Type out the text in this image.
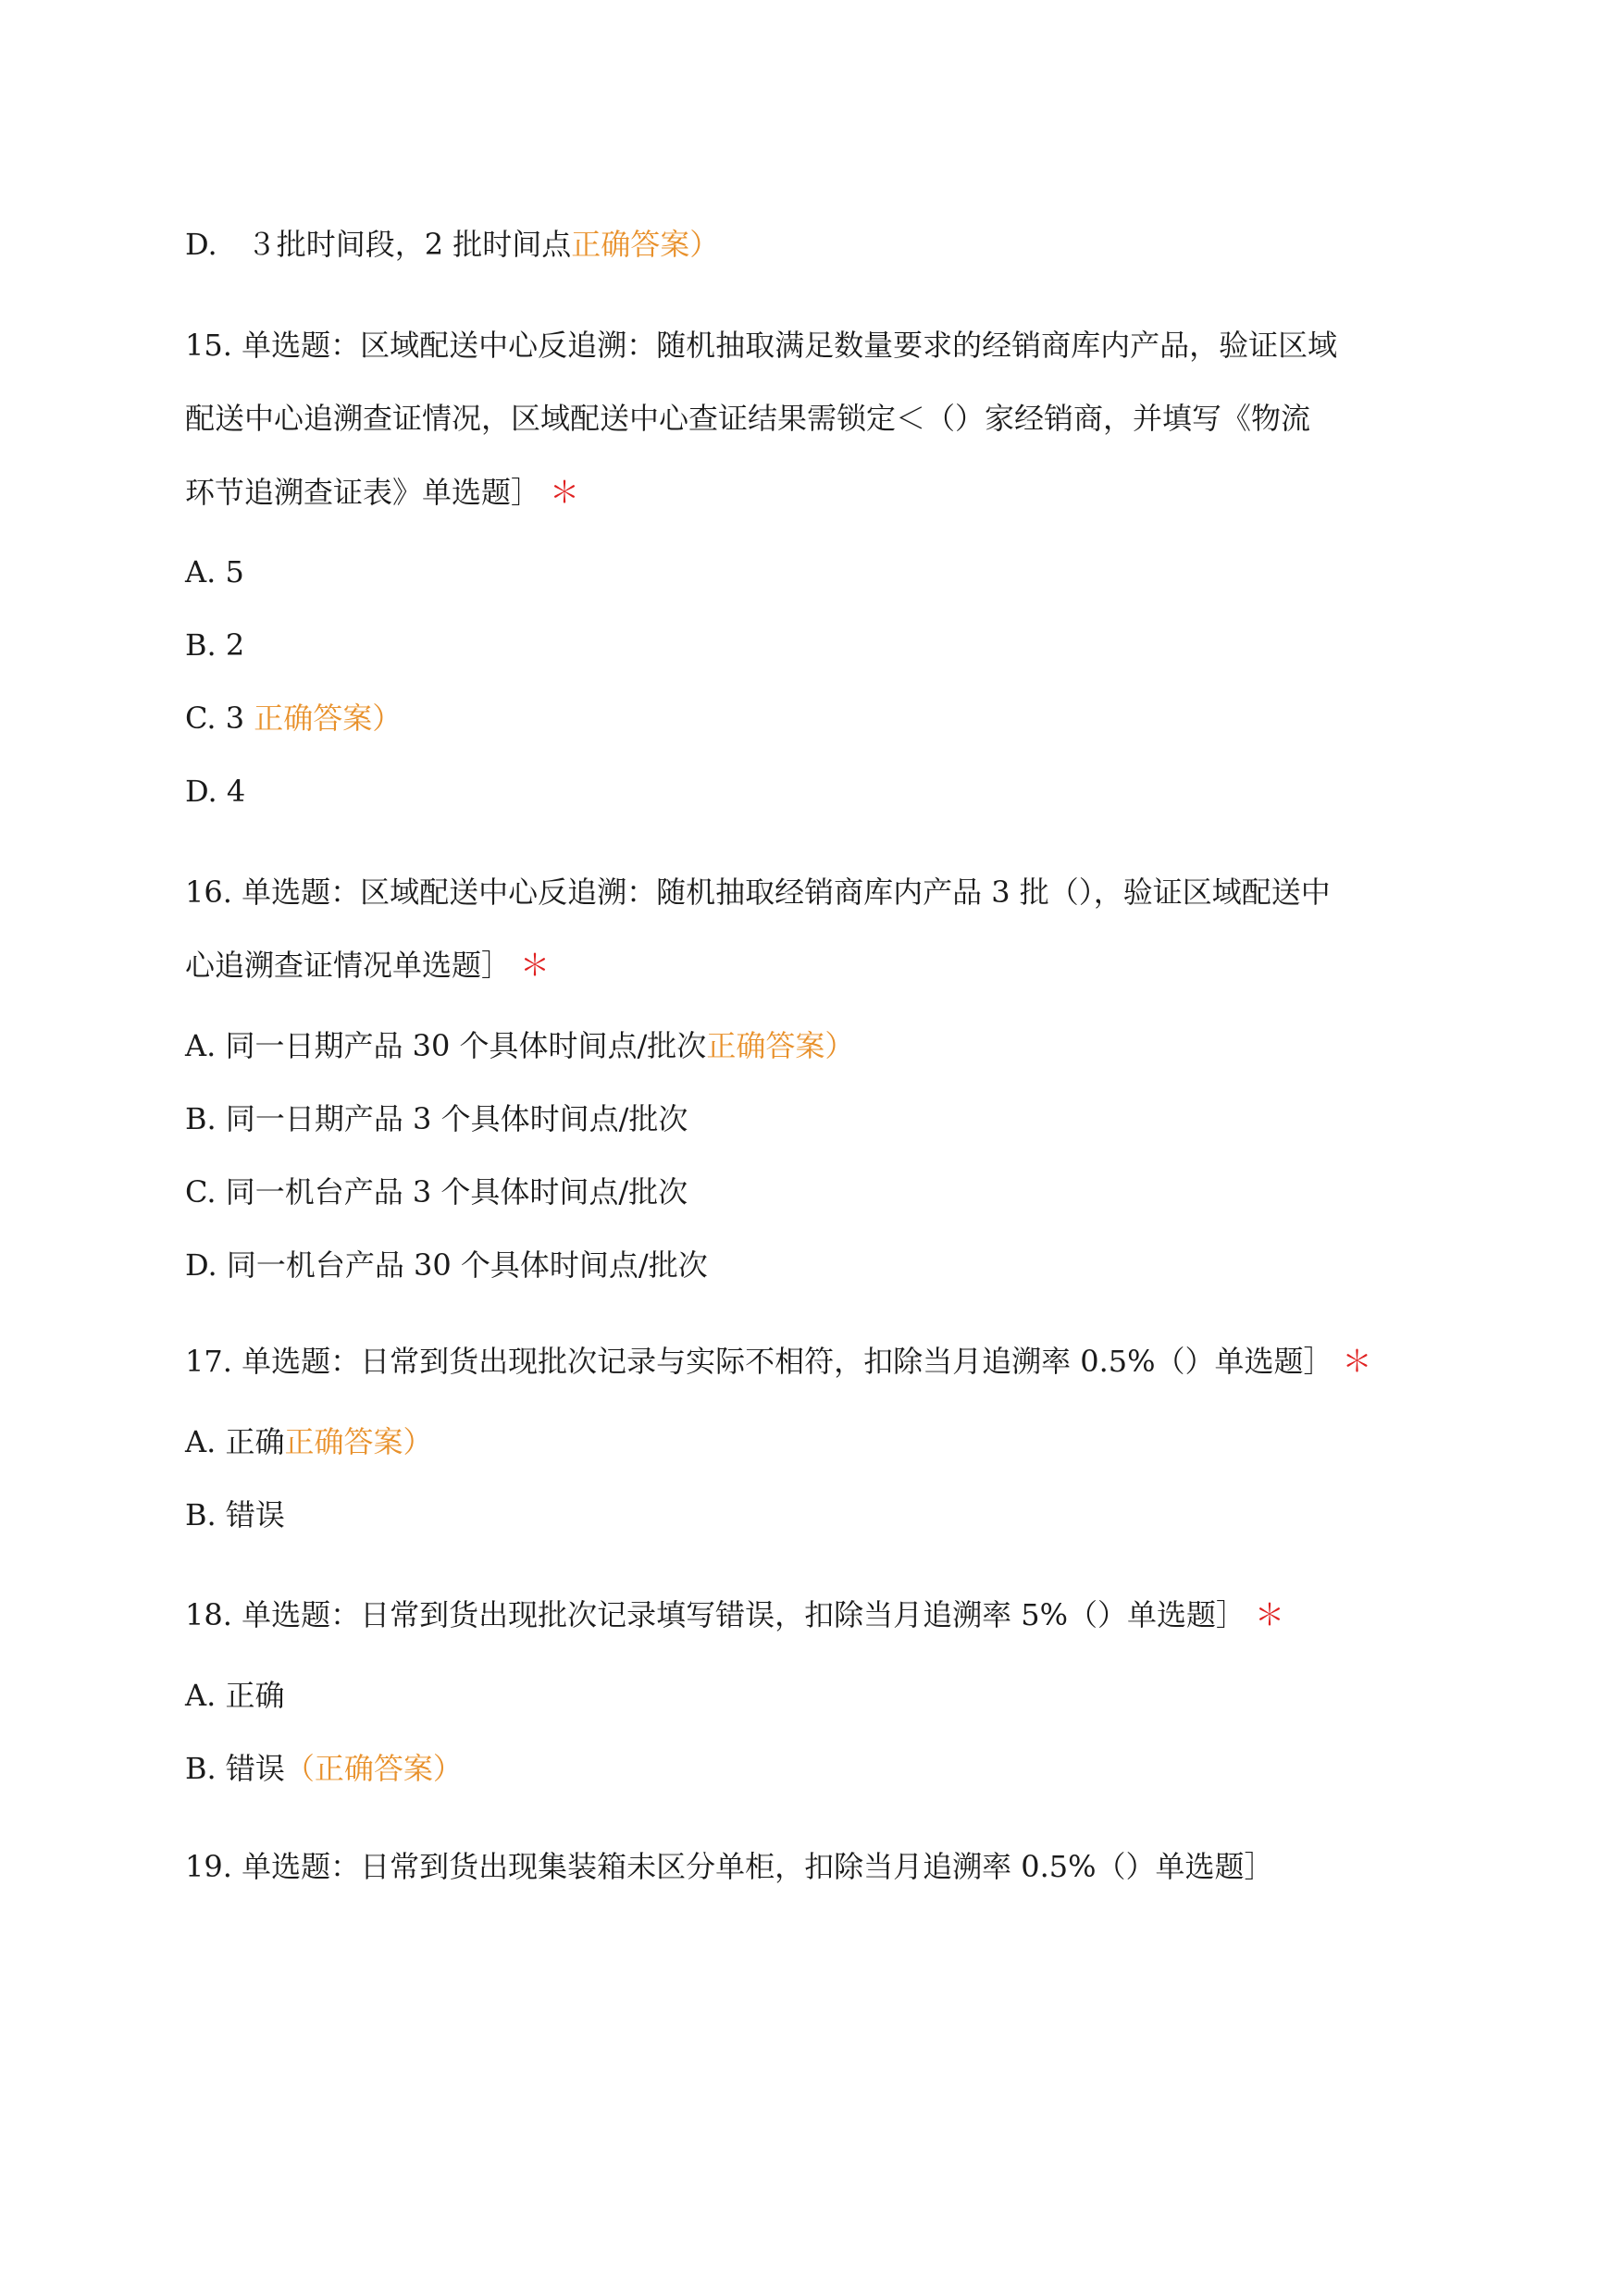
D.　３批时间段，2 批时间点正确答案）
15. 单选题：区域配送中心反追溯：随机抽取满足数量要求的经销商库内产品，验证区域
配送中心追溯查证情况，区域配送中心查证结果需锁定＜（）家经销商，并填写《物流
环节追溯查证表》单选题］ ＊
A. 5
B. 2
C. 3 正确答案）
D. 4
16. 单选题：区域配送中心反追溯：随机抽取经销商库内产品 3 批（），验证区域配送中
心追溯查证情况单选题］ ＊
A. 同一日期产品 30 个具体时间点/批次正确答案）
B. 同一日期产品 3 个具体时间点/批次
C. 同一机台产品 3 个具体时间点/批次
D. 同一机台产品 30 个具体时间点/批次
17. 单选题：日常到货出现批次记录与实际不相符，扣除当月追溯率 0.5%（）单选题］ ＊
A. 正确正确答案）
B. 错误
18. 单选题：日常到货出现批次记录填写错误，扣除当月追溯率 5%（）单选题］ ＊
A. 正确
B. 错误（正确答案）
19. 单选题：日常到货出现集装箱未区分单柜，扣除当月追溯率 0.5%（）单选题］
